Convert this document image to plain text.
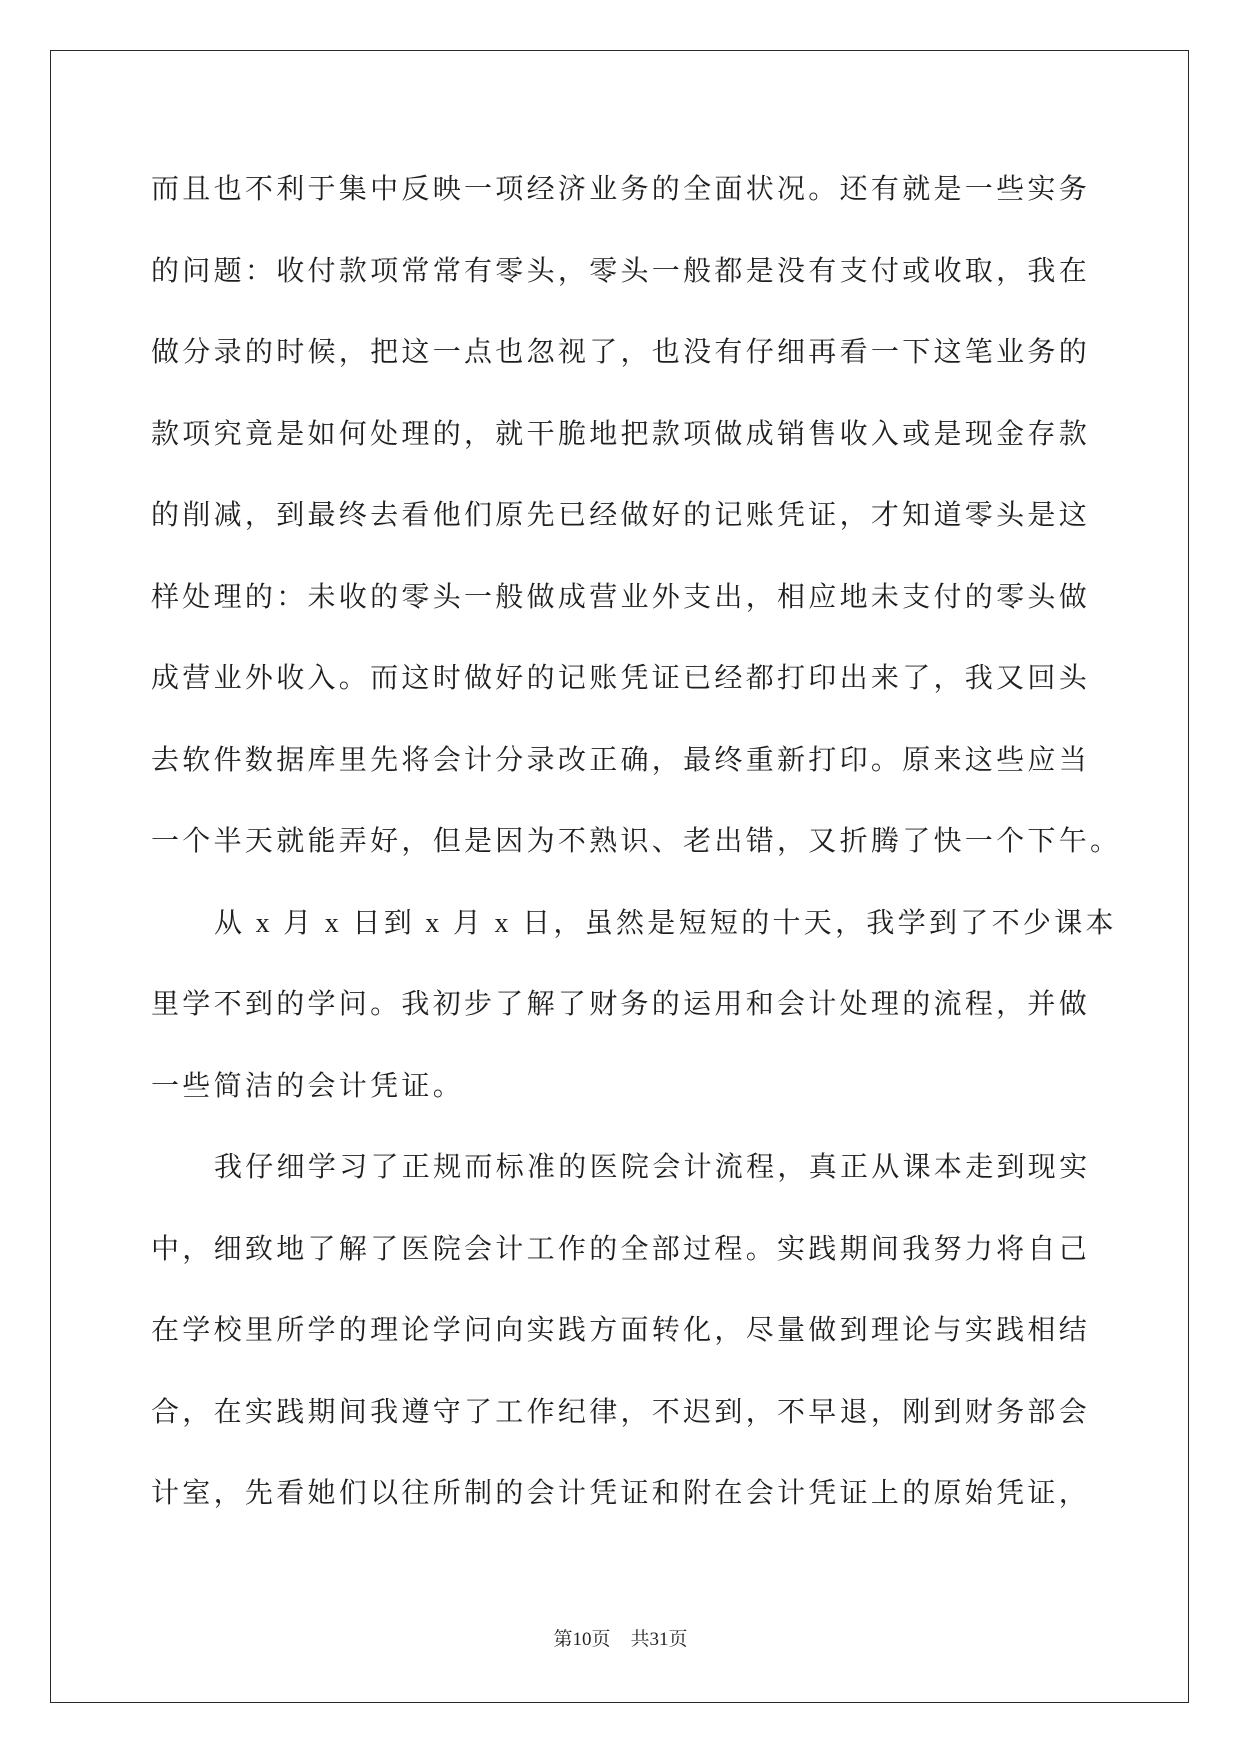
而且也不利于集中反映一项经济业务的全面状况。还有就是一些实务
的问题：收付款项常常有零头，零头一般都是没有支付或收取，我在
做分录的时候，把这一点也忽视了，也没有仔细再看一下这笔业务的
款项究竟是如何处理的，就干脆地把款项做成销售收入或是现金存款
的削减，到最终去看他们原先已经做好的记账凭证，才知道零头是这
样处理的：未收的零头一般做成营业外支出，相应地未支付的零头做
成营业外收入。而这时做好的记账凭证已经都打印出来了，我又回头
去软件数据库里先将会计分录改正确，最终重新打印。原来这些应当
一个半天就能弄好，但是因为不熟识、老出错，又折腾了快一个下午。
从 x 月 x 日到 x 月 x 日，虽然是短短的十天，我学到了不少课本
里学不到的学问。我初步了解了财务的运用和会计处理的流程，并做
一些简洁的会计凭证。
我仔细学习了正规而标准的医院会计流程，真正从课本走到现实
中，细致地了解了医院会计工作的全部过程。实践期间我努力将自己
在学校里所学的理论学问向实践方面转化，尽量做到理论与实践相结
合，在实践期间我遵守了工作纪律，不迟到，不早退，刚到财务部会
计室，先看她们以往所制的会计凭证和附在会计凭证上的原始凭证，
第10页 共31页
